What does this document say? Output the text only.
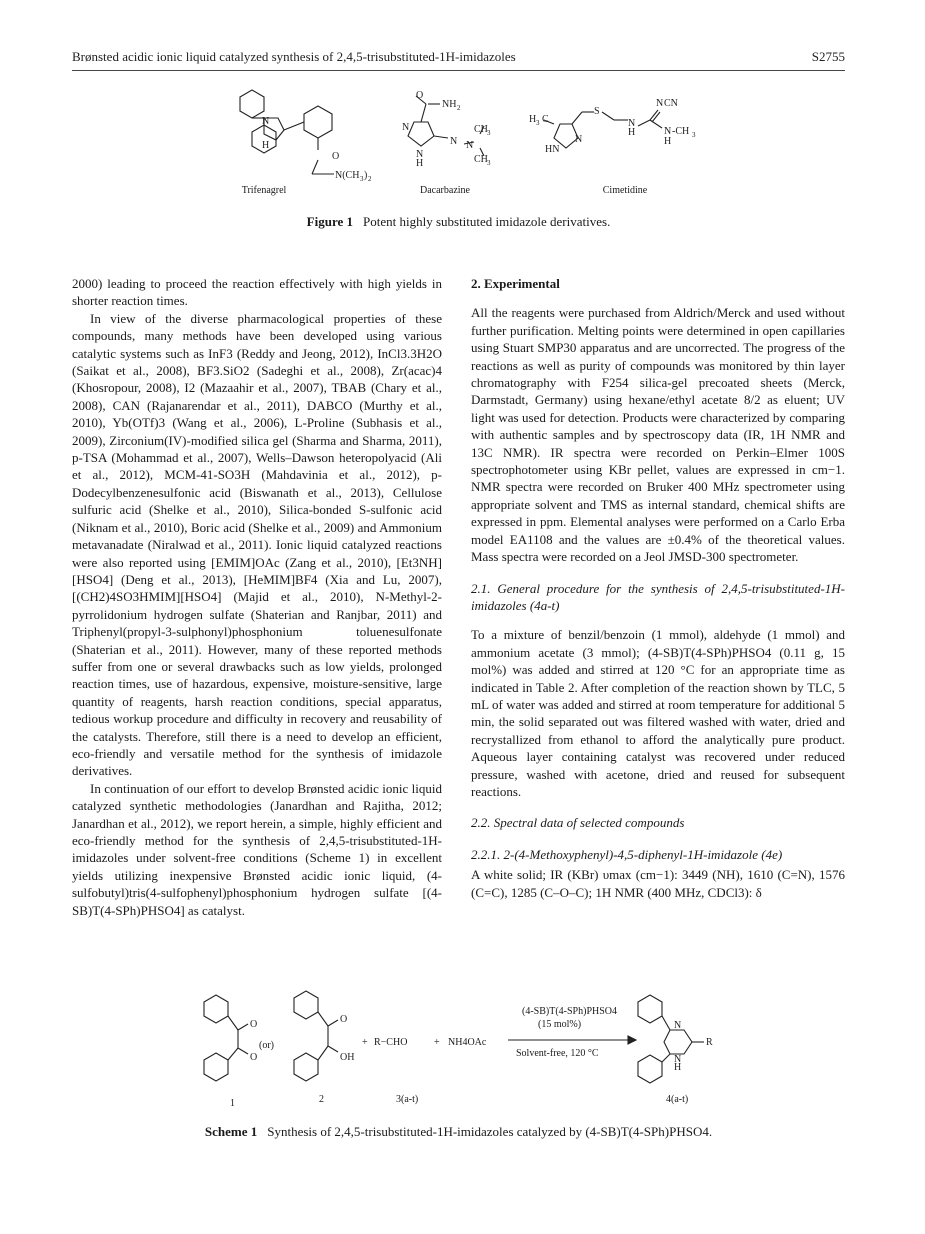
Brønsted acidic ionic liquid catalyzed synthesis of 2,4,5-trisubstituted-1H-imidazoles	S2755
N
H
O
N(CH 3 ) 2
O
NH 2
N
N
H
N N
CH 3
CH 3
H 3 C
HN
N
S
N
H
N CN
N -CH 3
H
Trifenagrel	Dacarbazine	Cimetidine
Figure 1 Potent highly substituted imidazole derivatives.

2000) leading to proceed the reaction effectively with high yields in shorter reaction times.

In view of the diverse pharmacological properties of these compounds, many methods have been developed using various catalytic systems such as InF3 (Reddy and Jeong, 2012), InCl3.3H2O (Saikat et al., 2008), BF3.SiO2 (Sadeghi et al., 2008), Zr(acac)4 (Khosropour, 2008), I2 (Mazaahir et al., 2007), TBAB (Chary et al., 2008), CAN (Rajanarendar et al., 2011), DABCO (Murthy et al., 2010), Yb(OTf)3 (Wang et al., 2006), L-Proline (Subhasis et al., 2009), Zirconium(IV)-modified silica gel (Sharma and Sharma, 2011), p-TSA (Mohammad et al., 2007), Wells–Dawson heteropolyacid (Ali et al., 2012), MCM-41-SO3H (Mahdavinia et al., 2012), p-Dodecylbenzenesulfonic acid (Biswanath et al., 2013), Cellulose sulfuric acid (Shelke et al., 2010), Silica-bonded S-sulfonic acid (Niknam et al., 2010), Boric acid (Shelke et al., 2009) and Ammonium metavanadate (Niralwad et al., 2011). Ionic liquid catalyzed reactions were also reported using [EMIM]OAc (Zang et al., 2010), [Et3NH][HSO4] (Deng et al., 2013), [HeMIM]BF4 (Xia and Lu, 2007), [(CH2)4SO3HMIM][HSO4] (Majid et al., 2010), N-Methyl-2-pyrrolidonium hydrogen sulfate (Shaterian and Ranjbar, 2011) and Triphenyl(propyl-3-sulphonyl)phosphonium toluenesulfonate (Shaterian et al., 2011). However, many of these reported methods suffer from one or several drawbacks such as low yields, prolonged reaction times, use of hazardous, expensive, moisture-sensitive, large quantity of reagents, harsh reaction conditions, special apparatus, tedious workup procedure and difficulty in recovery and reusability of the catalysts. Therefore, still there is a need to develop an efficient, eco-friendly and versatile method for the synthesis of imidazole derivatives.

In continuation of our effort to develop Brønsted acidic ionic liquid catalyzed synthetic methodologies (Janardhan and Rajitha, 2012; Janardhan et al., 2012), we report herein, a simple, highly efficient and eco-friendly method for the synthesis of 2,4,5-trisubstituted-1H-imidazoles under solvent-free conditions (Scheme 1) in excellent yields utilizing inexpensive Brønsted acidic ionic liquid, (4-sulfobutyl)tris(4-sulfophenyl)phosphonium hydrogen sulfate [(4-SB)T(4-SPh)PHSO4] as catalyst.

2. Experimental

All the reagents were purchased from Aldrich/Merck and used without further purification. Melting points were determined in open capillaries using Stuart SMP30 apparatus and are uncorrected. The progress of the reactions as well as purity of compounds was monitored by thin layer chromatography with F254 silica-gel precoated sheets (Merck, Darmstadt, Germany) using hexane/ethyl acetate 8/2 as eluent; UV light was used for detection. Products were characterized by comparing with authentic samples and by spectroscopy data (IR, 1H NMR and 13C NMR). IR spectra were recorded on Perkin–Elmer 100S spectrophotometer using KBr pellet, values are expressed in cm−1. NMR spectra were recorded on Bruker 400 MHz spectrometer using appropriate solvent and TMS as internal standard, chemical shifts are expressed in ppm. Elemental analyses were performed on a Carlo Erba model EA1108 and the values are ±0.4% of the theoretical values. Mass spectra were recorded on a Jeol JMSD-300 spectrometer.

2.1. General procedure for the synthesis of 2,4,5-trisubstituted-1H-imidazoles (4a-t)

To a mixture of benzil/benzoin (1 mmol), aldehyde (1 mmol) and ammonium acetate (3 mmol); (4-SB)T(4-SPh)PHSO4 (0.11 g, 15 mol%) was added and stirred at 120 °C for an appropriate time as indicated in Table 2. After completion of the reaction shown by TLC, 5 mL of water was added and stirred at room temperature for additional 5 min, the solid separated out was filtered washed with water, dried and recrystallized from ethanol to afford the analytically pure product. Aqueous layer containing catalyst was recovered under reduced pressure, washed with acetone, dried and reused for subsequent reactions.

2.2. Spectral data of selected compounds
2.2.1. 2-(4-Methoxyphenyl)-4,5-diphenyl-1H-imidazole (4e)

A white solid; IR (KBr) υmax (cm−1): 3449 (NH), 1610 (C=N), 1576 (C=C), 1285 (C–O–C); 1H NMR (400 MHz, CDCl3): δ

O
O
O
OH
+	+
N
N
H
R
(or)	R−CHO	NH4OAc
(4-SB)T(4-SPh)PHSO4
(15 mol%)
Solvent-free, 120 °C
1	2	3(a-t)	4(a-t)
Scheme 1 Synthesis of 2,4,5-trisubstituted-1H-imidazoles catalyzed by (4-SB)T(4-SPh)PHSO4.
